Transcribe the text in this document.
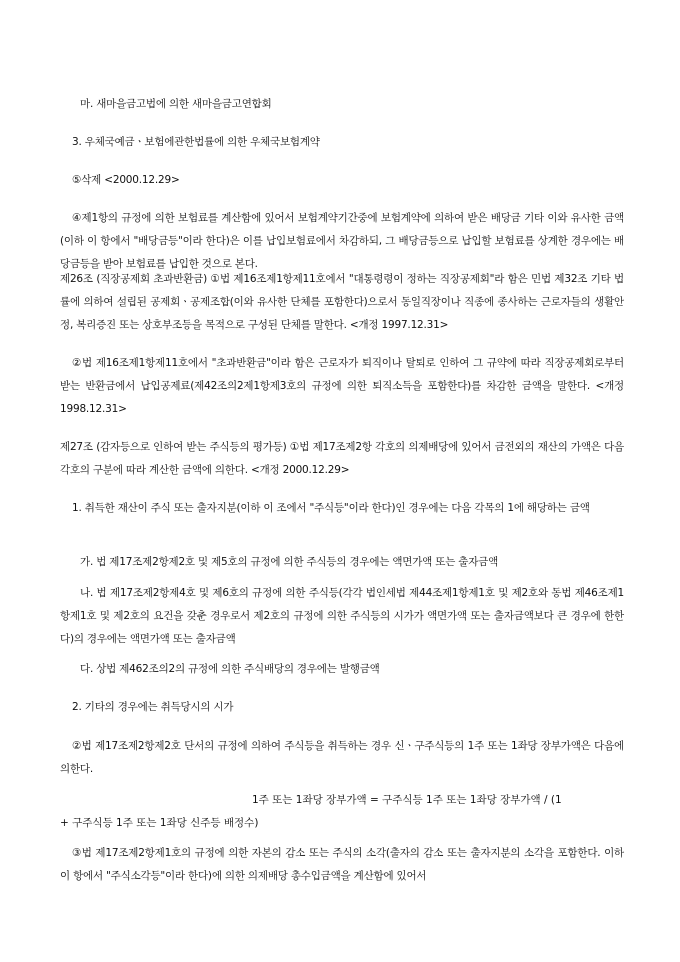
마. 새마을금고법에 의한 새마을금고연합회

3. 우체국예금ㆍ보험에관한법률에 의한 우체국보험계약

⑤삭제 <2000.12.29>

④제1항의 규정에 의한 보험료를 계산함에 있어서 보험계약기간중에 보험계약에 의하여 받은 배당금 기타 이와 유사한 금액(이하 이 항에서 "배당금등"이라 한다)은 이를 납입보험료에서 차감하되, 그 배당금등으로 납입할 보험료를 상계한 경우에는 배당금등을 받아 보험료를 납입한 것으로 본다.

제26조 (직장공제회 초과반환금) ①법 제16조제1항제11호에서 "대통령령이 정하는 직장공제회"라 함은 민법 제32조 기타 법률에 의하여 설립된 공제회ㆍ공제조합(이와 유사한 단체를 포함한다)으로서 동일직장이나 직종에 종사하는 근로자들의 생활안정, 복리증진 또는 상호부조등을 목적으로 구성된 단체를 말한다. <개정 1997.12.31>

②법 제16조제1항제11호에서 "초과반환금"이라 함은 근로자가 퇴직이나 탈퇴로 인하여 그 규약에 따라 직장공제회로부터 받는 반환금에서 납입공제료(제42조의2제1항제3호의 규정에 의한 퇴직소득을 포함한다)를 차감한 금액을 말한다. <개정 1998.12.31>

제27조 (감자등으로 인하여 받는 주식등의 평가등) ①법 제17조제2항 각호의 의제배당에 있어서 금전외의 재산의 가액은 다음 각호의 구분에 따라 계산한 금액에 의한다. <개정 2000.12.29>

1. 취득한 재산이 주식 또는 출자지분(이하 이 조에서 "주식등"이라 한다)인 경우에는 다음 각목의 1에 해당하는 금액

가. 법 제17조제2항제2호 및 제5호의 규정에 의한 주식등의 경우에는 액면가액 또는 출자금액

나. 법 제17조제2항제4호 및 제6호의 규정에 의한 주식등(각각 법인세법 제44조제1항제1호 및 제2호와 동법 제46조제1항제1호 및 제2호의 요건을 갖춘 경우로서 제2호의 규정에 의한 주식등의 시가가 액면가액 또는 출자금액보다 큰 경우에 한한다)의 경우에는 액면가액 또는 출자금액

다. 상법 제462조의2의 규정에 의한 주식배당의 경우에는 발행금액

2. 기타의 경우에는 취득당시의 시가

②법 제17조제2항제2호 단서의 규정에 의하여 주식등을 취득하는 경우 신ㆍ구주식등의 1주 또는 1좌당 장부가액은 다음에 의한다.

1주 또는 1좌당 장부가액 = 구주식등 1주 또는 1좌당 장부가액 / (1
+ 구주식등 1주 또는 1좌당 신주등 배정수)

③법 제17조제2항제1호의 규정에 의한 자본의 감소 또는 주식의 소각(출자의 감소 또는 출자지분의 소각을 포함한다. 이하 이 항에서 "주식소각등"이라 한다)에 의한 의제배당 총수입금액을 계산함에 있어서
